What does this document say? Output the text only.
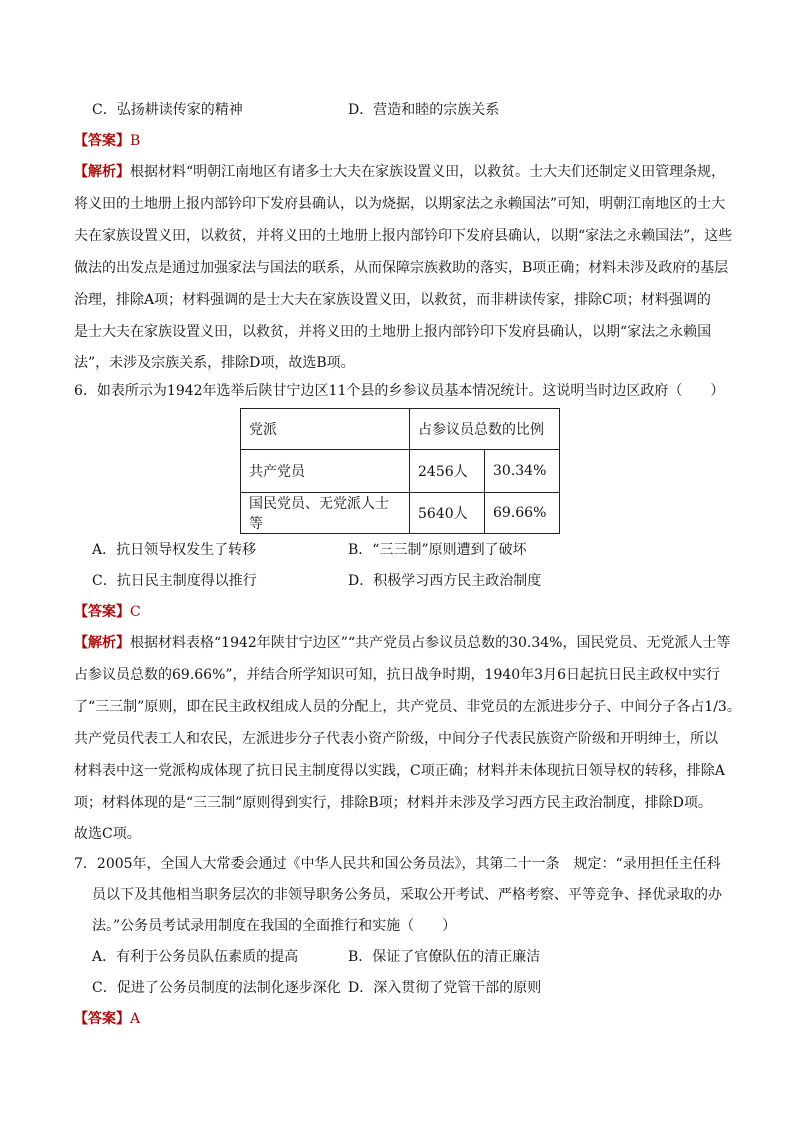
C．弘扬耕读传家的精神	D．营造和睦的宗族关系
【答案】B
【解析】根据材料“明朝江南地区有诸多士大夫在家族设置义田，以救贫。士大夫们还制定义田管理条规，
将义田的土地册上报内部钤印下发府县确认，以为烧据，以期家法之永赖国法”可知，明朝江南地区的士大
夫在家族设置义田，以救贫，并将义田的土地册上报内部钤印下发府县确认，以期“家法之永赖国法”，这些
做法的出发点是通过加强家法与国法的联系，从而保障宗族救助的落实，B项正确；材料未涉及政府的基层
治理，排除A项；材料强调的是士大夫在家族设置义田，以救贫，而非耕读传家，排除C项；材料强调的
是士大夫在家族设置义田，以救贫，并将义田的土地册上报内部钤印下发府县确认，以期“家法之永赖国
法”，未涉及宗族关系，排除D项，故选B项。
6．如表所示为1942年选举后陕甘宁边区11个县的乡参议员基本情况统计。这说明当时边区政府（　　）
党派	占参议员总数的比例	
共产党员	2456人	30.34%
国民党员、无党派人士等	5640人	69.66%
A．抗日领导权发生了转移	B．“三三制”原则遭到了破坏
C．抗日民主制度得以推行	D．积极学习西方民主政治制度
【答案】C
【解析】根据材料表格“1942年陕甘宁边区”“共产党员占参议员总数的30.34%，国民党员、无党派人士等
占参议员总数的69.66%”，并结合所学知识可知，抗日战争时期，1940年3月6日起抗日民主政权中实行
了“三三制”原则，即在民主政权组成人员的分配上，共产党员、非党员的左派进步分子、中间分子各占1/3。
共产党员代表工人和农民，左派进步分子代表小资产阶级，中间分子代表民族资产阶级和开明绅士，所以
材料表中这一党派构成体现了抗日民主制度得以实践，C项正确；材料并未体现抗日领导权的转移，排除A
项；材料体现的是“三三制”原则得到实行，排除B项；材料并未涉及学习西方民主政治制度，排除D项。
故选C项。
7．2005年，全国人大常委会通过《中华人民共和国公务员法》，其第二十一条　规定：“录用担任主任科
员以下及其他相当职务层次的非领导职务公务员，采取公开考试、严格考察、平等竞争、择优录取的办
法。”公务员考试录用制度在我国的全面推行和实施（　　）
A．有利于公务员队伍素质的提高	B．保证了官僚队伍的清正廉洁
C．促进了公务员制度的法制化逐步深化 D．深入贯彻了党管干部的原则
【答案】A
